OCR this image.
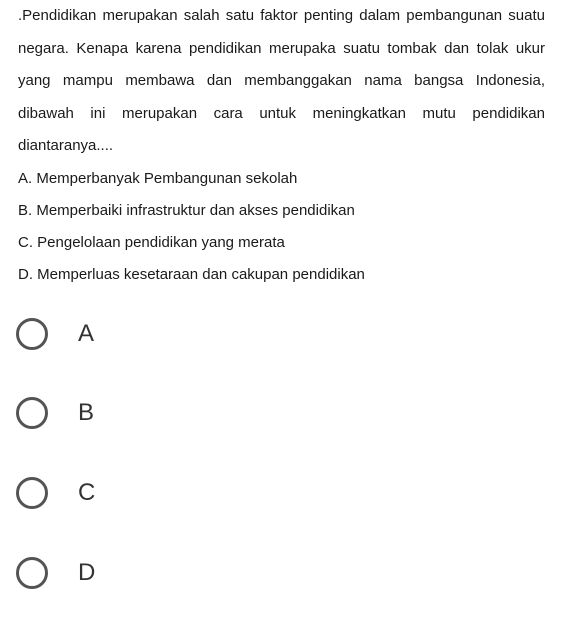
.Pendidikan merupakan salah satu faktor penting dalam pembangunan suatu negara. Kenapa karena pendidikan merupaka suatu tombak dan tolak ukur yang mampu membawa dan membanggakan nama bangsa Indonesia, dibawah ini merupakan cara untuk meningkatkan mutu pendidikan diantaranya....

A. Memperbanyak Pembangunan sekolah
B. Memperbaiki infrastruktur dan akses pendidikan
C. Pengelolaan pendidikan yang merata
D. Memperluas kesetaraan dan cakupan pendidikan
A
B
C
D
